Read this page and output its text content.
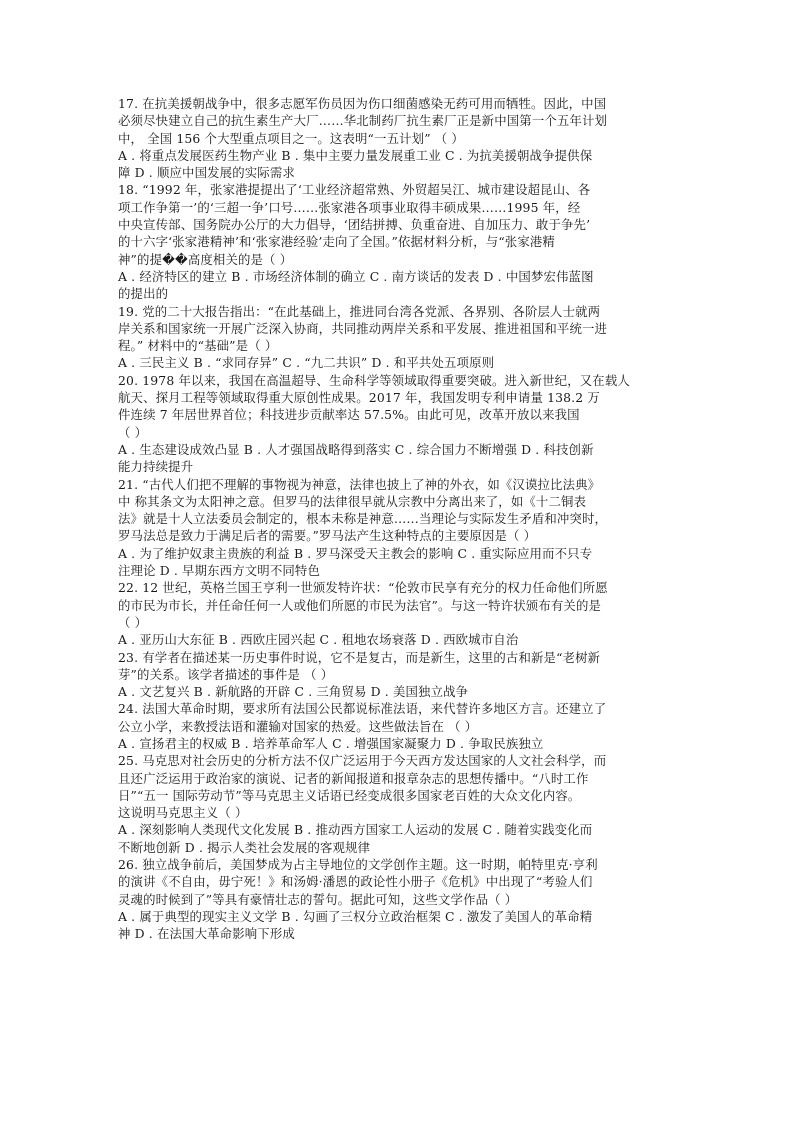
17. 在抗美援朝战争中，很多志愿军伤员因为伤口细菌感染无药可用而牺牲。因此，中国
必须尽快建立自己的抗生素生产大厂……华北制药厂抗生素厂正是新中国第一个五年计划
中， 全国 156 个大型重点项目之一。这表明“一五计划” （ ）
A . 将重点发展医药生物产业 B . 集中主要力量发展重工业 C . 为抗美援朝战争提供保
障 D . 顺应中国发展的实际需求
18. “1992 年，张家港提提出了‘工业经济超常熟、外贸超吴江、城市建设超昆山、各
项工作争第一’的‘三超一争’口号……张家港各项事业取得丰硕成果……1995 年，经
中央宣传部、国务院办公厅的大力倡导，‘团结拼搏、负重奋进、自加压力、敢于争先’
的十六字‘张家港精神’和‘张家港经验’走向了全国。”依据材料分析，与“张家港精
神”的提��高度相关的是（ ）
A . 经济特区的建立 B . 市场经济体制的确立 C . 南方谈话的发表 D . 中国梦宏伟蓝图
的提出的
19. 党的二十大报告指出：“在此基础上，推进同台湾各党派、各界别、各阶层人士就两
岸关系和国家统一开展广泛深入协商，共同推动两岸关系和平发展、推进祖国和平统一进
程。” 材料中的“基础”是（ ）
A . 三民主义 B . “求同存异” C . “九二共识” D . 和平共处五项原则
20. 1978 年以来，我国在高温超导、生命科学等领域取得重要突破。进入新世纪，又在载人
航天、探月工程等领域取得重大原创性成果。2017 年，我国发明专利申请量 138.2 万
件连续 7 年居世界首位；科技进步贡献率达 57.5%。由此可见，改革开放以来我国
（ ）
A . 生态建设成效凸显 B . 人才强国战略得到落实 C . 综合国力不断增强 D . 科技创新
能力持续提升
21. “古代人们把不理解的事物视为神意，法律也披上了神的外衣，如《汉谟拉比法典》
中 称其条文为太阳神之意。但罗马的法律很早就从宗教中分离出来了，如《十二铜表
法》就是十人立法委员会制定的，根本未称是神意……当理论与实际发生矛盾和冲突时，
罗马法总是致力于满足后者的需要。”罗马法产生这种特点的主要原因是（ ）
A . 为了维护奴隶主贵族的利益 B . 罗马深受天主教会的影响 C . 重实际应用而不只专
注理论 D . 早期东西方文明不同特色
22. 12 世纪，英格兰国王亨利一世颁发特许状：“伦敦市民享有充分的权力任命他们所愿
的市民为市长，并任命任何一人或他们所愿的市民为法官”。与这一特许状颁布有关的是
（ ）
A . 亚历山大东征 B . 西欧庄园兴起 C . 租地农场衰落 D . 西欧城市自治
23. 有学者在描述某一历史事件时说，它不是复古，而是新生，这里的古和新是“老树新
芽”的关系。该学者描述的事件是 （ ）
A . 文艺复兴 B . 新航路的开辟 C . 三角贸易 D . 美国独立战争
24. 法国大革命时期，要求所有法国公民都说标准法语，来代替许多地区方言。还建立了
公立小学，来教授法语和灌输对国家的热爱。这些做法旨在 （ ）
A . 宣扬君主的权威 B . 培养革命军人 C . 增强国家凝聚力 D . 争取民族独立
25. 马克思对社会历史的分析方法不仅广泛运用于今天西方发达国家的人文社会科学，而
且还广泛运用于政治家的演说、记者的新闻报道和报章杂志的思想传播中。“八时工作
日”“五一 国际劳动节”等马克思主义话语已经变成很多国家老百姓的大众文化内容。
这说明马克思主义（ ）
A . 深刻影响人类现代文化发展 B . 推动西方国家工人运动的发展 C . 随着实践变化而
不断地创新 D . 揭示人类社会发展的客观规律
26. 独立战争前后，美国梦成为占主导地位的文学创作主题。这一时期，帕特里克·亨利
的演讲《不自由，毋宁死！》和汤姆·潘恩的政论性小册子《危机》中出现了“考验人们
灵魂的时候到了”等具有豪情壮志的誓句。据此可知，这些文学作品（ ）
A . 属于典型的现实主义文学 B . 勾画了三权分立政治框架 C . 激发了美国人的革命精
神 D . 在法国大革命影响下形成
